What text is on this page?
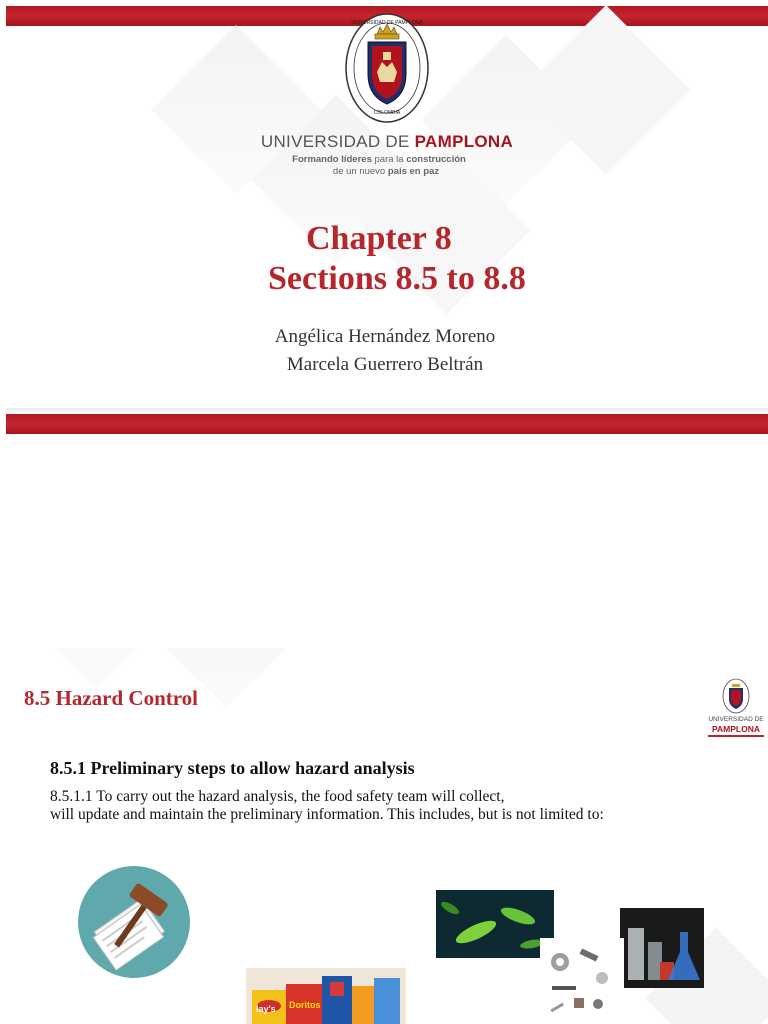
UNIVERSIDAD DE PAMPLONA
COLOMBIA
UNIVERSIDAD DE PAMPLONA
Formando líderes para la construcción
de un nuevo país en paz
Chapter 8
Sections 8.5 to 8.8
Angélica Hernández Moreno
Marcela Guerrero Beltrán
8.5 Hazard Control
UNIVERSIDAD DE
PAMPLONA
8.5.1 Preliminary steps to allow hazard analysis
8.5.1.1 To carry out the hazard analysis, the food safety team will collect,
will update and maintain the preliminary information. This includes, but is not limited to:
lay's Doritos
